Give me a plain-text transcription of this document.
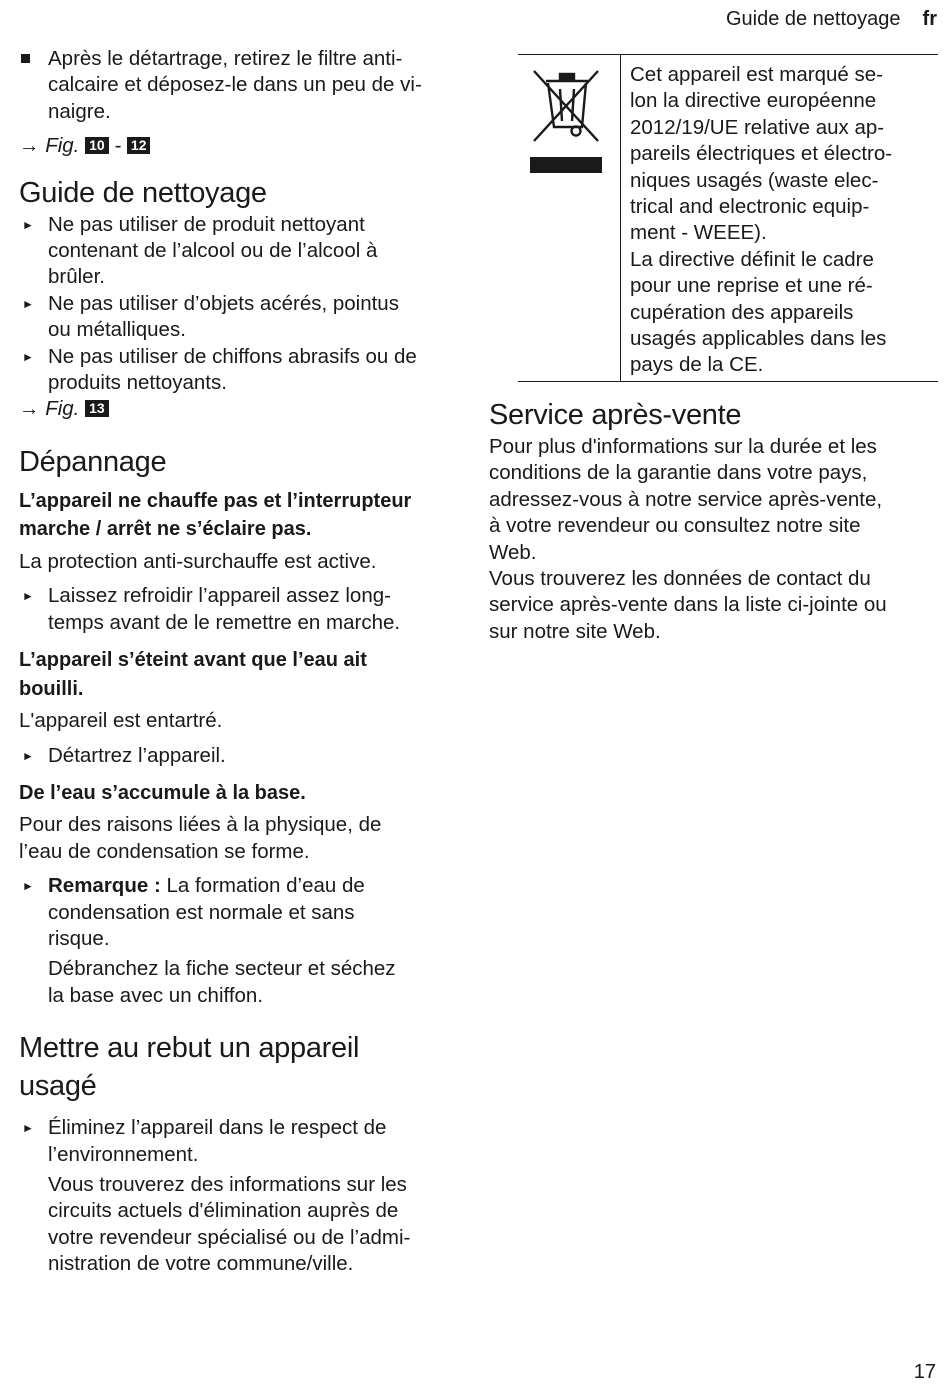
Guide de nettoyage fr
Après le détartrage, retirez le filtre anti-
calcaire et déposez-le dans un peu de vi-
naigre.
→ Fig. 10 - 12
Guide de nettoyage
► Ne pas utiliser de produit nettoyant
contenant de l’alcool ou de l’alcool à
brûler.
► Ne pas utiliser d’objets acérés, pointus
ou métalliques.
► Ne pas utiliser de chiffons abrasifs ou de
produits nettoyants.
→ Fig. 13
Dépannage
L’appareil ne chauffe pas et l’interrupteur
marche / arrêt ne s’éclaire pas.
La protection anti-surchauffe est active.
► Laissez refroidir l’appareil assez long-
temps avant de le remettre en marche.
L’appareil s’éteint avant que l’eau ait
bouilli.
L'appareil est entartré.
► Détartrez l’appareil.
De l’eau s’accumule à la base.
Pour des raisons liées à la physique, de
l’eau de condensation se forme.
► Remarque : La formation d’eau de
condensation est normale et sans
risque.
Débranchez la fiche secteur et séchez
la base avec un chiffon.
Mettre au rebut un appareil
usagé
► Éliminez l’appareil dans le respect de
l’environnement.
Vous trouverez des informations sur les
circuits actuels d'élimination auprès de
votre revendeur spécialisé ou de l’admi-
nistration de votre commune/ville.
Cet appareil est marqué se-
lon la directive européenne
2012/19/UE relative aux ap-
pareils électriques et électro-
niques usagés (waste elec-
trical and electronic equip-
ment - WEEE).
La directive définit le cadre
pour une reprise et une ré-
cupération des appareils
usagés applicables dans les
pays de la CE.
Service après-vente
Pour plus d'informations sur la durée et les
conditions de la garantie dans votre pays,
adressez-vous à notre service après-vente,
à votre revendeur ou consultez notre site
Web.
Vous trouverez les données de contact du
service après-vente dans la liste ci-jointe ou
sur notre site Web.
17
